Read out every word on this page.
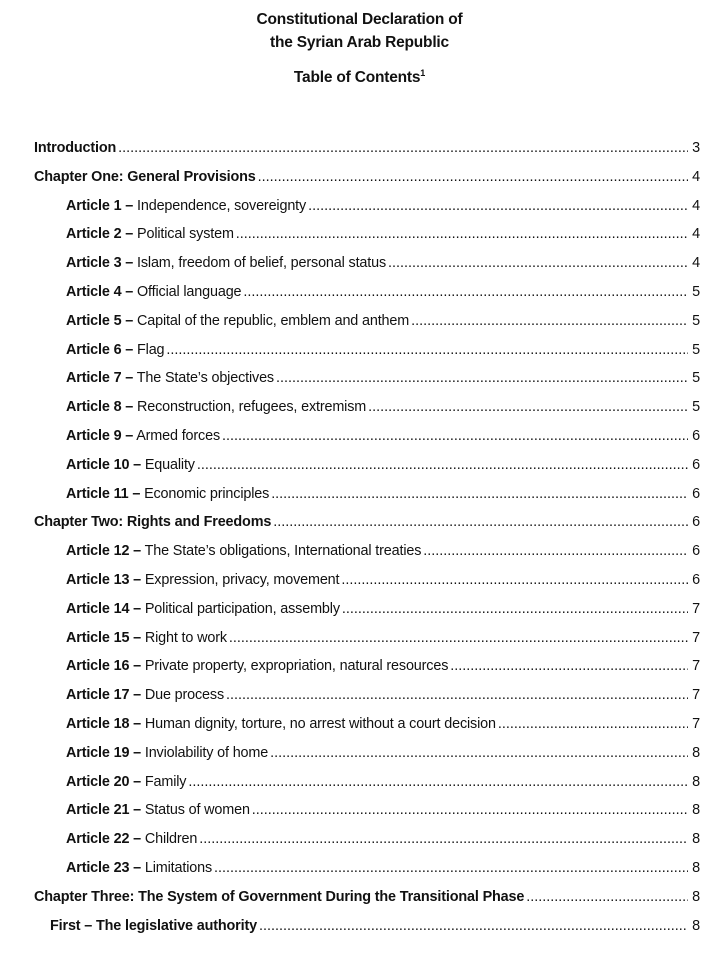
Constitutional Declaration of
the Syrian Arab Republic
Table of Contents$^1$
Introduction .....	3
Chapter One: General Provisions .....	4
Article 1 – Independence, sovereignty .....	4
Article 2 – Political system .....	4
Article 3 – Islam, freedom of belief, personal status .....	4
Article 4 – Official language .....	5
Article 5 – Capital of the republic, emblem and anthem .....	5
Article 6 – Flag .....	5
Article 7 – The State’s objectives .....	5
Article 8 – Reconstruction, refugees, extremism .....	5
Article 9 – Armed forces .....	6
Article 10 – Equality .....	6
Article 11 – Economic principles .....	6
Chapter Two: Rights and Freedoms .....	6
Article 12 – The State’s obligations, International treaties .....	6
Article 13 – Expression, privacy, movement .....	6
Article 14 – Political participation, assembly .....	7
Article 15 – Right to work .....	7
Article 16 – Private property, expropriation, natural resources .....	7
Article 17 – Due process .....	7
Article 18 – Human dignity, torture, no arrest without a court decision .....	7
Article 19 – Inviolability of home .....	8
Article 20 – Family .....	8
Article 21 – Status of women .....	8
Article 22 – Children .....	8
Article 23 – Limitations .....	8
Chapter Three: The System of Government During the Transitional Phase .....	8
First – The legislative authority .....	8
